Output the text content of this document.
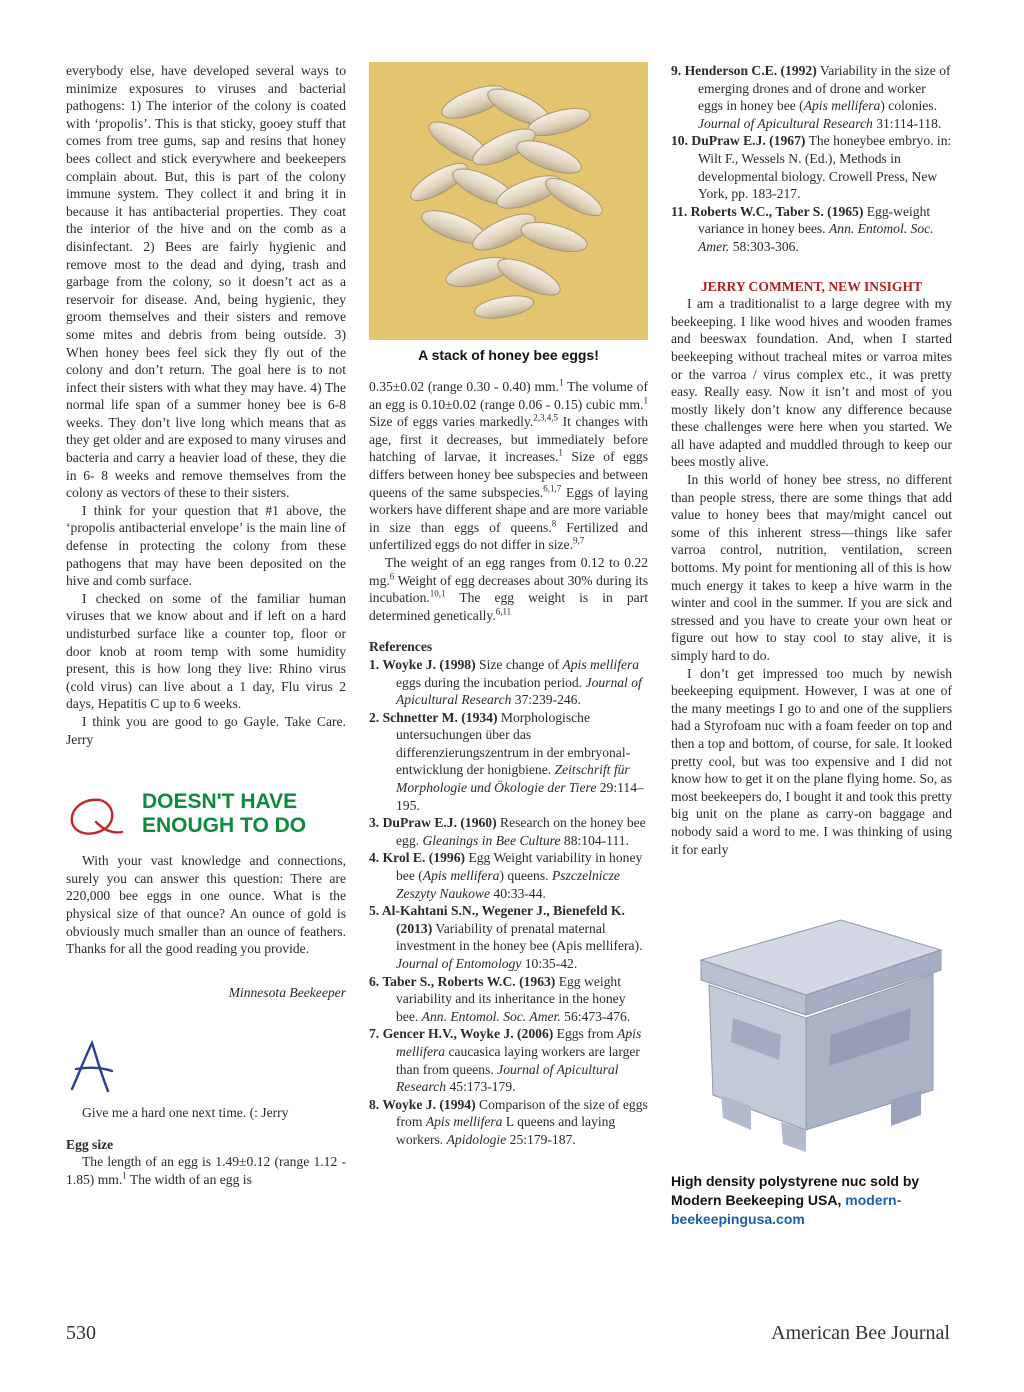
everybody else, have developed several ways to minimize exposures to viruses and bacterial pathogens: 1) The interior of the colony is coated with ‘propolis’. This is that sticky, gooey stuff that comes from tree gums, sap and resins that honey bees collect and stick everywhere and beekeepers complain about. But, this is part of the colony immune system. They collect it and bring it in because it has antibacterial properties. They coat the interior of the hive and on the comb as a disinfectant. 2) Bees are fairly hygienic and remove most to the dead and dying, trash and garbage from the colony, so it doesn’t act as a reservoir for disease. And, being hygienic, they groom themselves and their sisters and remove some mites and debris from being outside. 3) When honey bees feel sick they fly out of the colony and don’t return. The goal here is to not infect their sisters with what they may have. 4) The normal life span of a summer honey bee is 6-8 weeks. They don’t live long which means that as they get older and are exposed to many viruses and bacteria and carry a heavier load of these, they die in 6- 8 weeks and remove themselves from the colony as vectors of these to their sisters.

I think for your question that #1 above, the ‘propolis antibacterial envelope’ is the main line of defense in protecting the colony from these pathogens that may have been deposited on the hive and comb surface.

I checked on some of the familiar human viruses that we know about and if left on a hard undisturbed surface like a counter top, floor or door knob at room temp with some humidity present, this is how long they live: Rhino virus (cold virus) can live about a 1 day, Flu virus 2 days, Hepatitis C up to 6 weeks.

I think you are good to go Gayle. Take Care. Jerry

DOESN'T HAVE
ENOUGH TO DO

With your vast knowledge and connections, surely you can answer this question: There are 220,000 bee eggs in one ounce. What is the physical size of that ounce? An ounce of gold is obviously much smaller than an ounce of feathers. Thanks for all the good reading you provide.

Minnesota Beekeeper

Give me a hard one next time. (: Jerry

Egg size

The length of an egg is 1.49±0.12 (range 1.12 - 1.85) mm.$^1$ The width of an egg is

A stack of honey bee eggs!

0.35±0.02 (range 0.30 - 0.40) mm.$^1$ The volume of an egg is 0.10±0.02 (range 0.06 - 0.15) cubic mm.$^1$ Size of eggs varies markedly.$^{2,3,4,5}$ It changes with age, first it decreases, but immediately before hatching of larvae, it increases.$^1$ Size of eggs differs between honey bee subspecies and between queens of the same subspecies.$^{6,1,7}$ Eggs of laying workers have different shape and are more variable in size than eggs of queens.$^8$ Fertilized and unfertilized eggs do not differ in size.$^{9,7}$

The weight of an egg ranges from 0.12 to 0.22 mg.$^6$ Weight of egg decreases about 30% during its incubation.$^{10,1}$ The egg weight is in part determined genetically.$^{6,11}$

References

1. Woyke J. (1998) Size change of Apis mellifera eggs during the incubation period. Journal of Apicultural Research 37:239-246.

2. Schnetter M. (1934) Morphologische untersuchungen über das differenzierungszentrum in der embryonal-entwicklung der honigbiene. Zeitschrift für Morphologie und Ökologie der Tiere 29:114–195.

3. DuPraw E.J. (1960) Research on the honey bee egg. Gleanings in Bee Culture 88:104-111.

4. Krol E. (1996) Egg Weight variability in honey bee (Apis mellifera) queens. Pszczelnicze Zeszyty Naukowe 40:33-44.

5. Al-Kahtani S.N., Wegener J., Bienefeld K. (2013) Variability of prenatal maternal investment in the honey bee (Apis mellifera). Journal of Entomology 10:35-42.

6. Taber S., Roberts W.C. (1963) Egg weight variability and its inheritance in the honey bee. Ann. Entomol. Soc. Amer. 56:473-476.

7. Gencer H.V., Woyke J. (2006) Eggs from Apis mellifera caucasica laying workers are larger than from queens. Journal of Apicultural Research 45:173-179.

8. Woyke J. (1994) Comparison of the size of eggs from Apis mellifera L queens and laying workers. Apidologie 25:179-187.

9. Henderson C.E. (1992) Variability in the size of emerging drones and of drone and worker eggs in honey bee (Apis mellifera) colonies. Journal of Apicultural Research 31:114-118.

10. DuPraw E.J. (1967) The honeybee embryo. in: Wilt F., Wessels N. (Ed.), Methods in developmental biology. Crowell Press, New York, pp. 183-217.

11. Roberts W.C., Taber S. (1965) Egg-weight variance in honey bees. Ann. Entomol. Soc. Amer. 58:303-306.

JERRY COMMENT, NEW INSIGHT

I am a traditionalist to a large degree with my beekeeping. I like wood hives and wooden frames and beeswax foundation. And, when I started beekeeping without tracheal mites or varroa mites or the varroa / virus complex etc., it was pretty easy. Really easy. Now it isn’t and most of you mostly likely don’t know any difference because these challenges were here when you started. We all have adapted and muddled through to keep our bees mostly alive.

In this world of honey bee stress, no different than people stress, there are some things that add value to honey bees that may/might cancel out some of this inherent stress—things like safer varroa control, nutrition, ventilation, screen bottoms. My point for mentioning all of this is how much energy it takes to keep a hive warm in the winter and cool in the summer. If you are sick and stressed and you have to create your own heat or figure out how to stay cool to stay alive, it is simply hard to do.

I don’t get impressed too much by newish beekeeping equipment. However, I was at one of the many meetings I go to and one of the suppliers had a Styrofoam nuc with a foam feeder on top and then a top and bottom, of course, for sale. It looked pretty cool, but was too expensive and I did not know how to get it on the plane flying home. So, as most beekeepers do, I bought it and took this pretty big unit on the plane as carry-on baggage and nobody said a word to me. I was thinking of using it for early

High density polystyrene nuc sold by Modern Beekeeping USA, modern-beekeepingusa.com

530	American Bee Journal
